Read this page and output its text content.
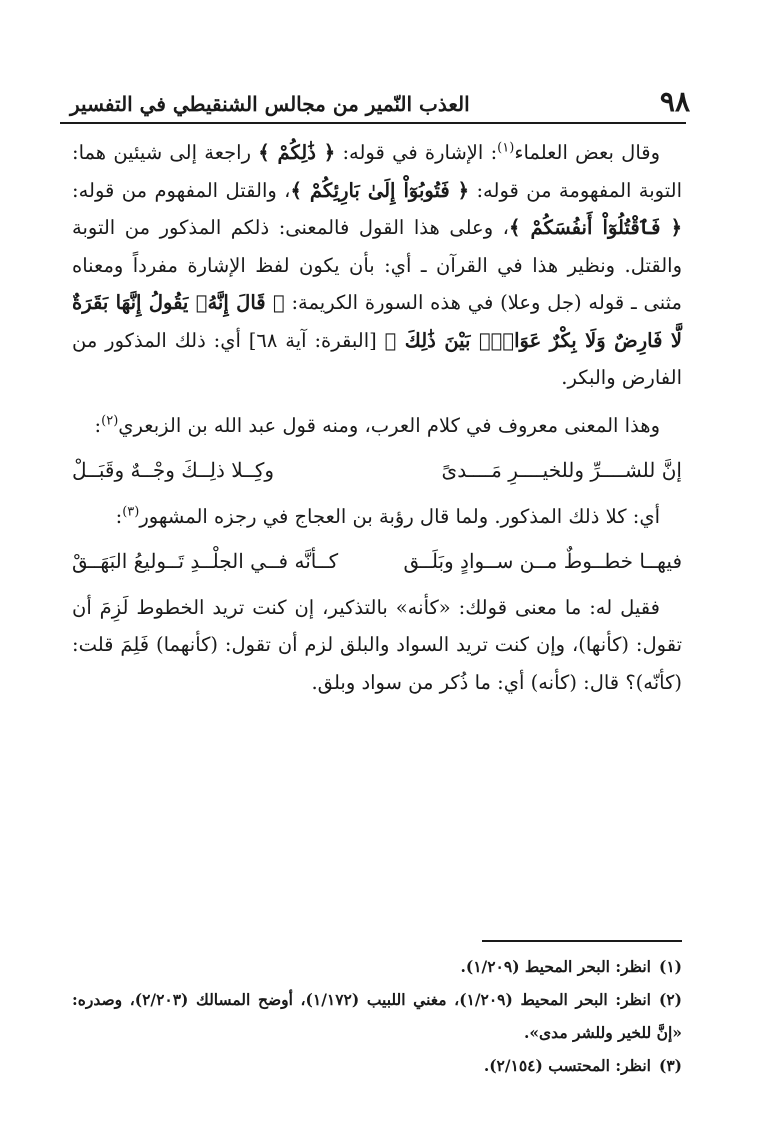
٩٨
العذب النّمير من مجالس الشنقيطي في التفسير

وقال بعض العلماء$^{(١)}$: الإشارة في قوله: ﴿ ذَٰلِكُمْ ﴾ راجعة إلى شيئين هما: التوبة المفهومة من قوله: ﴿ فَتُوبُوٓاْ إِلَىٰ بَارِئِكُمْ ﴾، والقتل المفهوم من قوله: ﴿ فَٱقْتُلُوٓاْ أَنفُسَكُمْ ﴾، وعلى هذا القول فالمعنى: ذلكم المذكور من التوبة والقتل. ونظير هذا في القرآن ـ أي: بأن يكون لفظ الإشارة مفرداً ومعناه مثنى ـ قوله (جل وعلا) في هذه السورة الكريمة: ﴿ قَالَ إِنَّهُۥ يَقُولُ إِنَّهَا بَقَرَةٌ لَّا فَارِضٌ وَلَا بِكْرٌ عَوَانٌۢ بَيْنَ ذَٰلِكَ ﴾ [البقرة: آية ٦٨] أي: ذلك المذكور من الفارض والبكر.

وهذا المعنى معروف في كلام العرب، ومنه قول عبد الله بن الزبعري$^{(٢)}$:

إنَّ للشــــرِّ وللخيــــرِ مَــــدىً
وكِــلا ذلِــكَ وجْــهٌ وقَبَــلْ

أي: كلا ذلك المذكور. ولما قال رؤبة بن العجاج في رجزه المشهور$^{(٣)}$:

فيهــا خطــوطٌ مــن ســوادٍ وبَلَــق
كــأنَّه فــي الجلْــدِ تَــوليعُ البَهَــقْ

فقيل له: ما معنى قولك: «كأنه» بالتذكير، إن كنت تريد الخطوط لَزِمَ أن تقول: (كأنها)، وإن كنت تريد السواد والبلق لزم أن تقول: (كأنهما) فَلِمَ قلت: (كأنّه)؟ قال: (كأنه) أي: ما ذُكر من سواد وبلق.

(١)انظر: البحر المحيط (١/٢٠٩).

(٢)انظر: البحر المحيط (١/٢٠٩)، مغني اللبيب (١/١٧٢)، أوضح المسالك (٢/٢٠٣)، وصدره: «إنَّ للخير وللشر مدى».

(٣)انظر: المحتسب (٢/١٥٤).
